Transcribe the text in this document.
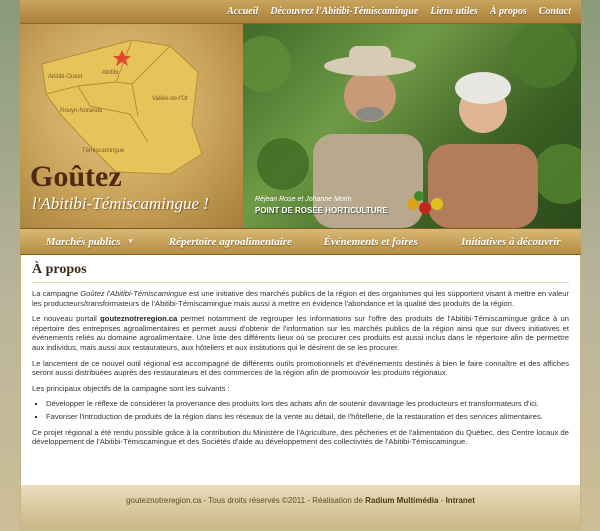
Accueil	Découvrez l'Abitibi-Témiscamingue	Liens utiles	À propos	Contact
Abitibi-Ouest
Abitibi
Rouyn-Noranda
Vallée-de-l'Or
Témiscamingue
Goûtez
l'Abitibi-Témiscamingue !	Réjean Rose et Johanne Morin
POINT DE ROSÉE HORTICULTURE
Marchés publics ▼	Répertoire agroalimentaire	Événements et foires	Initiatives à découvrir
À propos

La campagne Goûtez l'Abitibi-Témiscamingue est une initiative des marchés publics de la région et des organismes qui les supportent visant à mettre en valeur les producteurs/transformateurs de l'Abitibi-Témiscamingue mais aussi à mettre en évidence l'abondance et la qualité des produits de la région.

Le nouveau portail gouteznotreregion.ca permet notamment de regrouper les informations sur l'offre des produits de l'Abitibi-Témiscamingue grâce à un répertoire des entreprises agroalimentaires et permet aussi d'obtenir de l'information sur les marchés publics de la région ainsi que sur divers initiatives et événements reliés au domaine agroalimentaire. Une liste des différents lieux où se procurer ces produits est aussi inclus dans le répertoire afin de permettre aux individus, mais aussi aux restaurateurs, aux hôteliers et aux institutions qui le désirent de se les procurer.

Le lancement de ce nouvel outil régional est accompagné de différents outils promotionnels et d'événements destinés à bien le faire connaître et des affiches seront aussi distribuées auprès des restaurateurs et des commerces de la région afin de promouvoir les produits régionaux.

Les principaux objectifs de la campagne sont les suivants :

▪ Développer le réflexe de considérer la provenance des produits lors des achats afin de soutenir davantage les producteurs et transformateurs d'ici.
▪ Favoriser l'introduction de produits de la région dans les réseaux de la vente au détail, de l'hôtellerie, de la restauration et des services alimentaires.

Ce projet régional a été rendu possible grâce à la contribution du Ministère de l'Agriculture, des pêcheries et de l'alimentation du Québec, des Centre locaux de développement de l'Abitibi-Témiscamingue et des Sociétés d'aide au développement des collectivités de l'Abitibi-Témiscamingue.

gouteznotreregion.ca - Tous droits réservés ©2011 - Réalisation de Radium Multimédia - Intranet
